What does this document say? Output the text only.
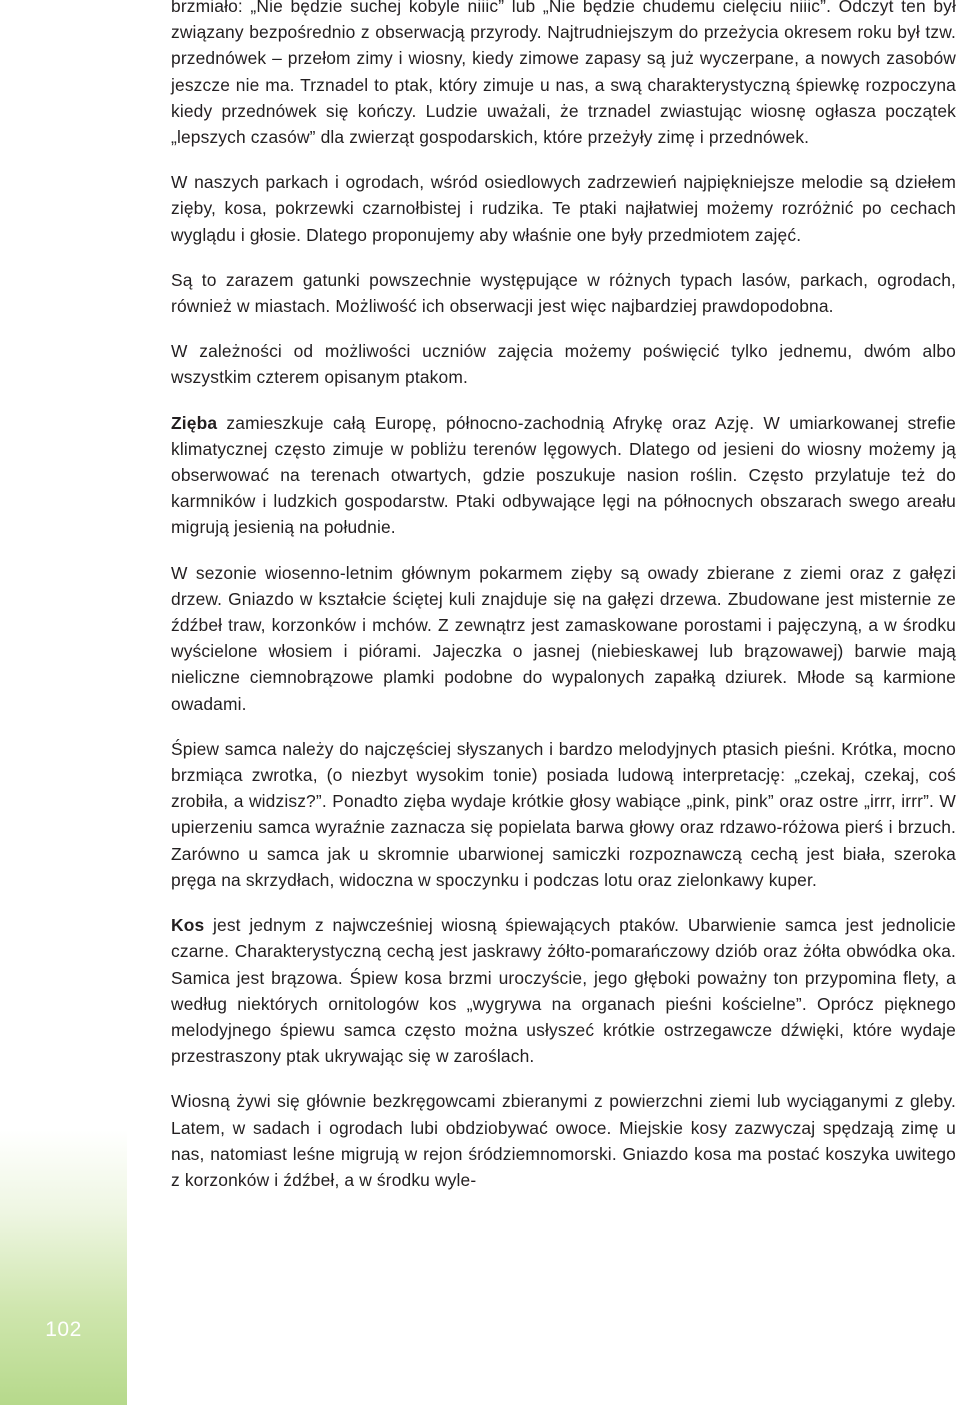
102

brzmiało: „Nie będzie suchej kobyle niiic” lub „Nie będzie chudemu cielęciu niiic”. Odczyt ten był związany bezpośrednio z obserwacją przyrody. Najtrudniejszym do przeżycia okresem roku był tzw. przednówek – przełom zimy i wiosny, kiedy zimowe zapasy są już wyczerpane, a nowych zasobów jeszcze nie ma. Trznadel to ptak, który zimuje u nas, a swą charakterystyczną śpiewkę rozpoczyna kiedy przednówek się kończy. Ludzie uważali, że trznadel zwiastując wiosnę ogłasza początek „lepszych czasów” dla zwierząt gospodarskich, które przeżyły zimę i przednówek.

W naszych parkach i ogrodach, wśród osiedlowych zadrzewień najpiękniejsze melodie są dziełem zięby, kosa, pokrzewki czarnołbistej i rudzika. Te ptaki najłatwiej możemy rozróżnić po cechach wyglądu i głosie. Dlatego proponujemy aby właśnie one były przedmiotem zajęć.

Są to zarazem gatunki powszechnie występujące w różnych typach lasów, parkach, ogrodach, również w miastach. Możliwość ich obserwacji jest więc najbardziej prawdopodobna.

W zależności od możliwości uczniów zajęcia możemy poświęcić tylko jednemu, dwóm albo wszystkim czterem opisanym ptakom.

Zięba zamieszkuje całą Europę, północno-zachodnią Afrykę oraz Azję. W umiarkowanej strefie klimatycznej często zimuje w pobliżu terenów lęgowych. Dlatego od jesieni do wiosny możemy ją obserwować na terenach otwartych, gdzie poszukuje nasion roślin. Często przylatuje też do karmników i ludzkich gospodarstw. Ptaki odbywające lęgi na północnych obszarach swego areału migrują jesienią na południe.

W sezonie wiosenno-letnim głównym pokarmem zięby są owady zbierane z ziemi oraz z gałęzi drzew. Gniazdo w kształcie ściętej kuli znajduje się na gałęzi drzewa. Zbudowane jest misternie ze źdźbeł traw, korzonków i mchów. Z zewnątrz jest zamaskowane porostami i pajęczyną, a w środku wyścielone włosiem i piórami. Jajeczka o jasnej (niebieskawej lub brązowawej) barwie mają nieliczne ciemnobrązowe plamki podobne do wypalonych zapałką dziurek. Młode są karmione owadami.

Śpiew samca należy do najczęściej słyszanych i bardzo melodyjnych ptasich pieśni. Krótka, mocno brzmiąca zwrotka, (o niezbyt wysokim tonie) posiada ludową interpretację: „czekaj, czekaj, coś zrobiła, a widzisz?”. Ponadto zięba wydaje krótkie głosy wabiące „pink, pink” oraz ostre „irrr, irrr”. W upierzeniu samca wyraźnie zaznacza się popielata barwa głowy oraz rdzawo-różowa pierś i brzuch. Zarówno u samca jak u skromnie ubarwionej samiczki rozpoznawczą cechą jest biała, szeroka pręga na skrzydłach, widoczna w spoczynku i podczas lotu oraz zielonkawy kuper.

Kos jest jednym z najwcześniej wiosną śpiewających ptaków. Ubarwienie samca jest jednolicie czarne. Charakterystyczną cechą jest jaskrawy żółto-pomarańczowy dziób oraz żółta obwódka oka. Samica jest brązowa. Śpiew kosa brzmi uroczyście, jego głęboki poważny ton przypomina flety, a według niektórych ornitologów kos „wygrywa na organach pieśni kościelne”. Oprócz pięknego melodyjnego śpiewu samca często można usłyszeć krótkie ostrzegawcze dźwięki, które wydaje przestraszony ptak ukrywając się w zaroślach.

Wiosną żywi się głównie bezkręgowcami zbieranymi z powierzchni ziemi lub wyciąganymi z gleby. Latem, w sadach i ogrodach lubi obdziobywać owoce. Miejskie kosy zazwyczaj spędzają zimę u nas, natomiast leśne migrują w rejon śródziemnomorski. Gniazdo kosa ma postać koszyka uwitego z korzonków i źdźbeł, a w środku wyle-
